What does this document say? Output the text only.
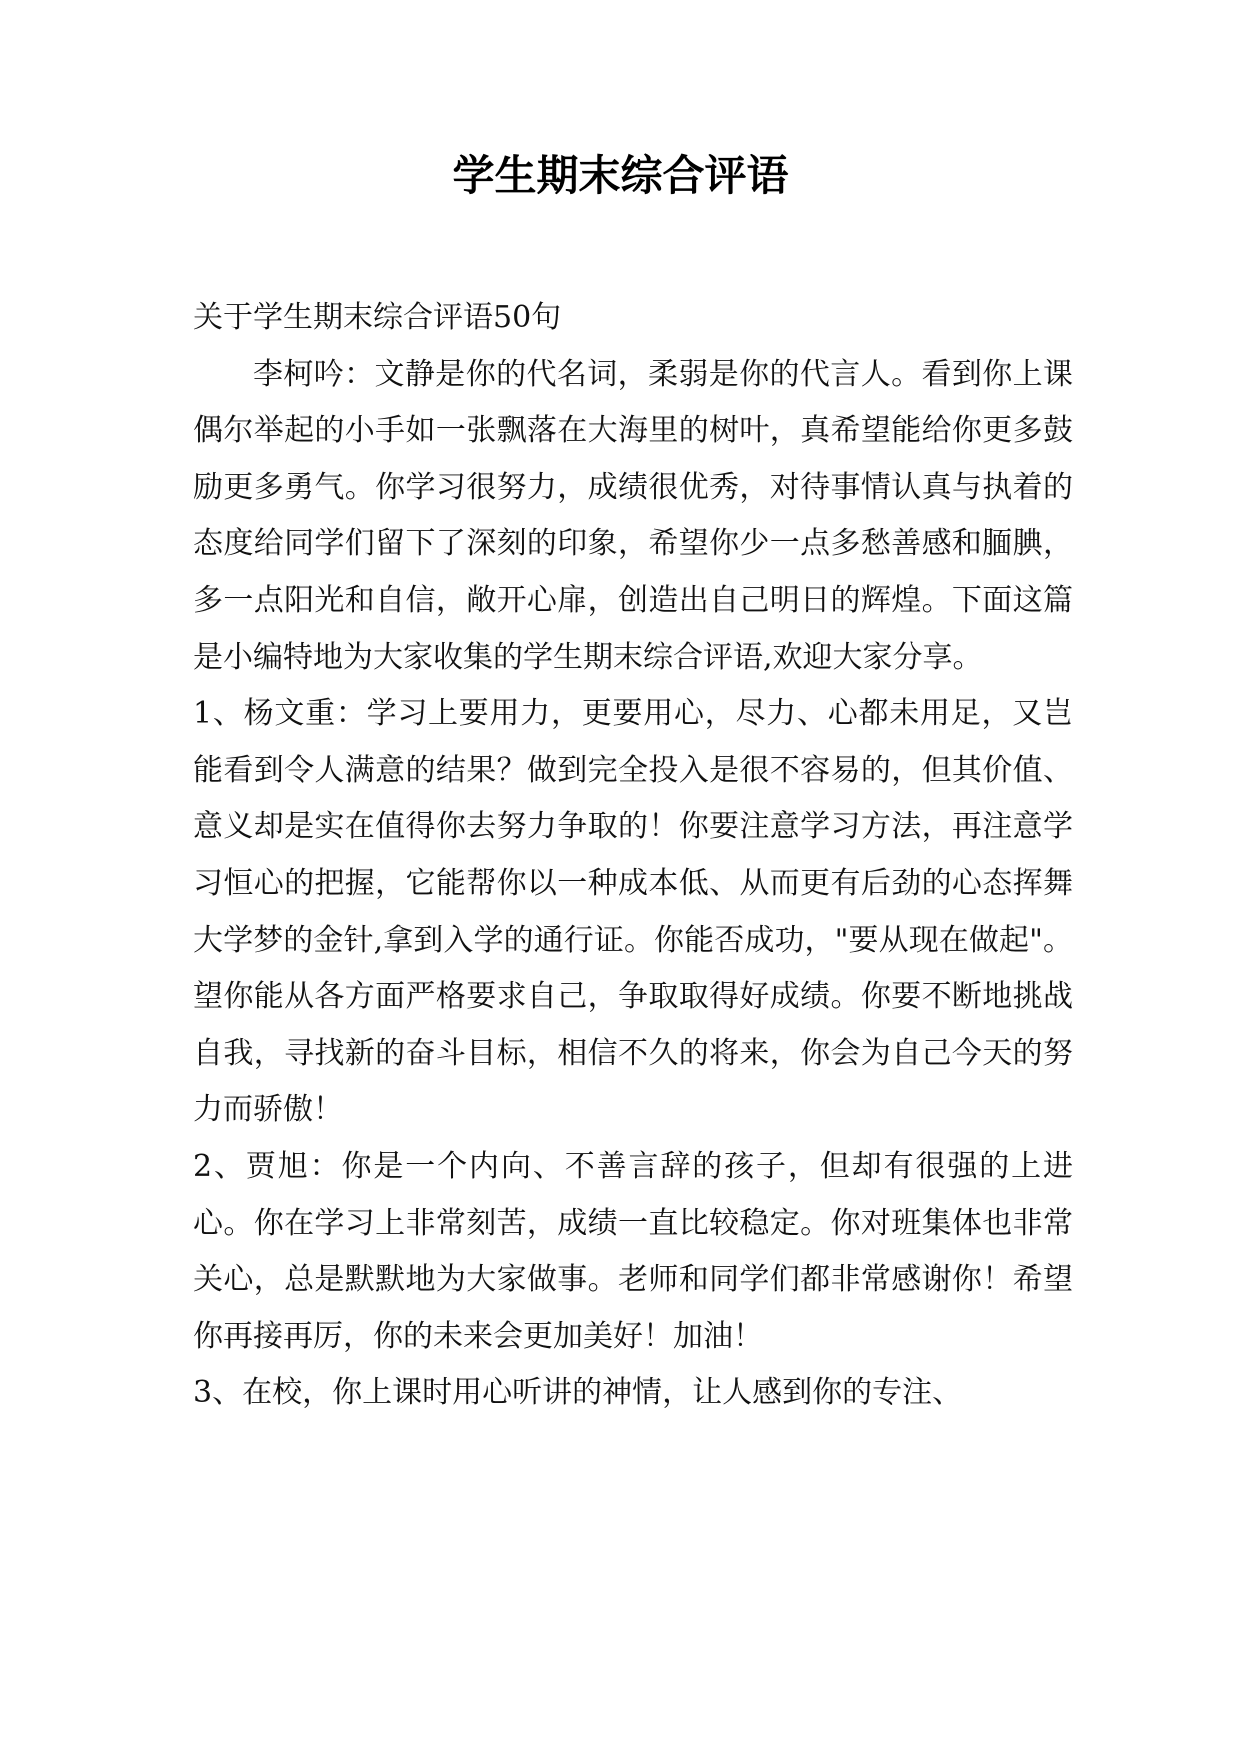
学生期末综合评语

关于学生期末综合评语50句

李柯吟：文静是你的代名词，柔弱是你的代言人。看到你上课偶尔举起的小手如一张飘落在大海里的树叶，真希望能给你更多鼓励更多勇气。你学习很努力，成绩很优秀，对待事情认真与执着的态度给同学们留下了深刻的印象，希望你少一点多愁善感和腼腆，多一点阳光和自信，敞开心扉，创造出自己明日的辉煌。下面这篇是小编特地为大家收集的学生期末综合评语,欢迎大家分享。

1、杨文重：学习上要用力，更要用心，尽力、心都未用足，又岂能看到令人满意的结果？做到完全投入是很不容易的，但其价值、意义却是实在值得你去努力争取的！你要注意学习方法，再注意学习恒心的把握，它能帮你以一种成本低、从而更有后劲的心态挥舞大学梦的金针,拿到入学的通行证。你能否成功，"要从现在做起"。望你能从各方面严格要求自己，争取取得好成绩。你要不断地挑战自我，寻找新的奋斗目标，相信不久的将来，你会为自己今天的努力而骄傲！

2、贾旭：你是一个内向、不善言辞的孩子，但却有很强的上进心。你在学习上非常刻苦，成绩一直比较稳定。你对班集体也非常关心，总是默默地为大家做事。老师和同学们都非常感谢你！希望你再接再厉，你的未来会更加美好！加油！

3、在校，你上课时用心听讲的神情，让人感到你的专注、
